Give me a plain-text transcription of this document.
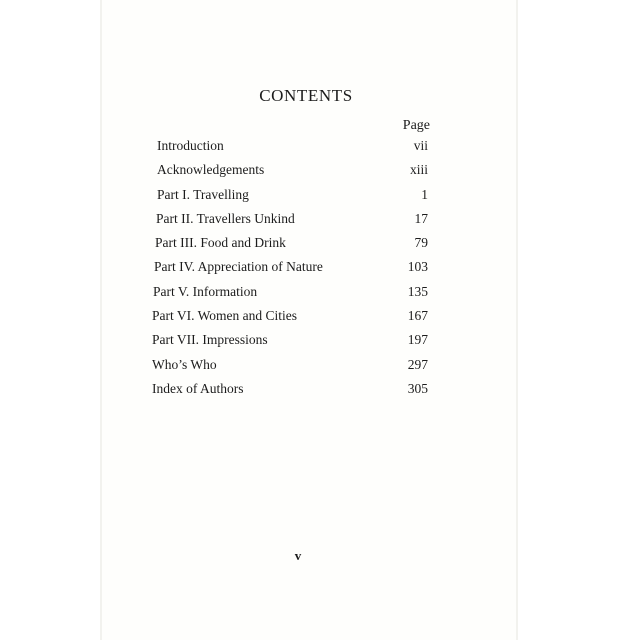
CONTENTS
Page
Introduction	vii
Acknowledgements	xiii
Part I. Travelling	1
Part II. Travellers Unkind	17
Part III. Food and Drink	79
Part IV. Appreciation of Nature	103
Part V. Information	135
Part VI. Women and Cities	167
Part VII. Impressions	197
Who’s Who	297
Index of Authors	305
v
